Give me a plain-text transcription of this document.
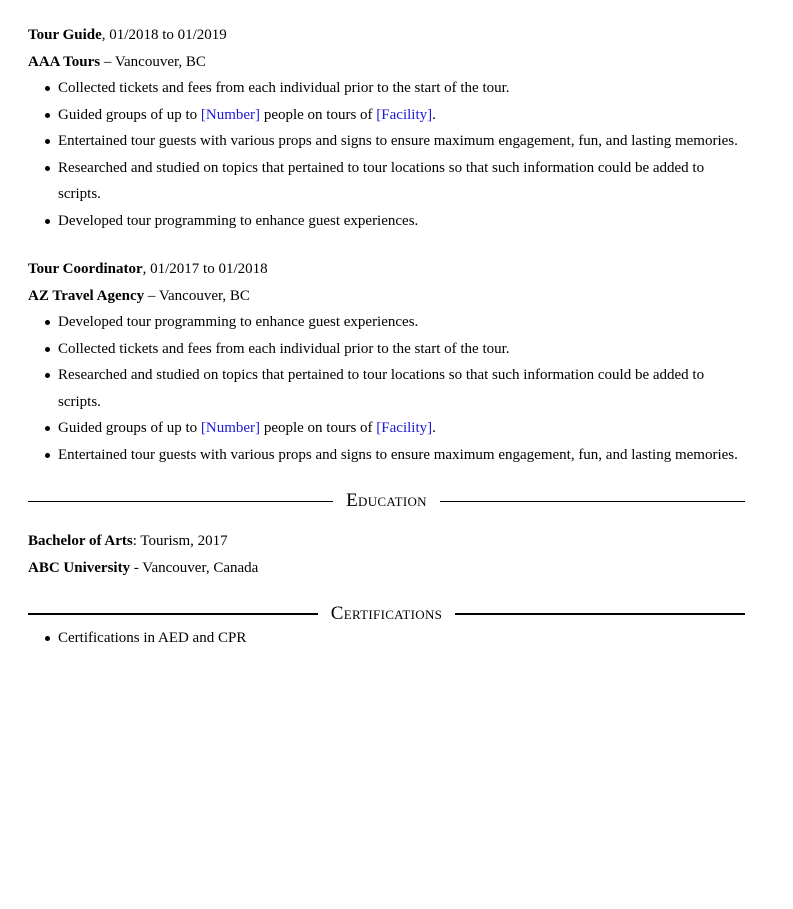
Tour Guide, 01/2018 to 01/2019

AAA Tours – Vancouver, BC

Collected tickets and fees from each individual prior to the start of the tour.
Guided groups of up to [Number] people on tours of [Facility].
Entertained tour guests with various props and signs to ensure maximum engagement, fun, and lasting memories.
Researched and studied on topics that pertained to tour locations so that such information could be added to scripts.
Developed tour programming to enhance guest experiences.

Tour Coordinator, 01/2017 to 01/2018

AZ Travel Agency – Vancouver, BC

Developed tour programming to enhance guest experiences.
Collected tickets and fees from each individual prior to the start of the tour.
Researched and studied on topics that pertained to tour locations so that such information could be added to scripts.
Guided groups of up to [Number] people on tours of [Facility].
Entertained tour guests with various props and signs to ensure maximum engagement, fun, and lasting memories.
Education

Bachelor of Arts: Tourism, 2017

ABC University - Vancouver, Canada

Certifications
Certifications in AED and CPR
